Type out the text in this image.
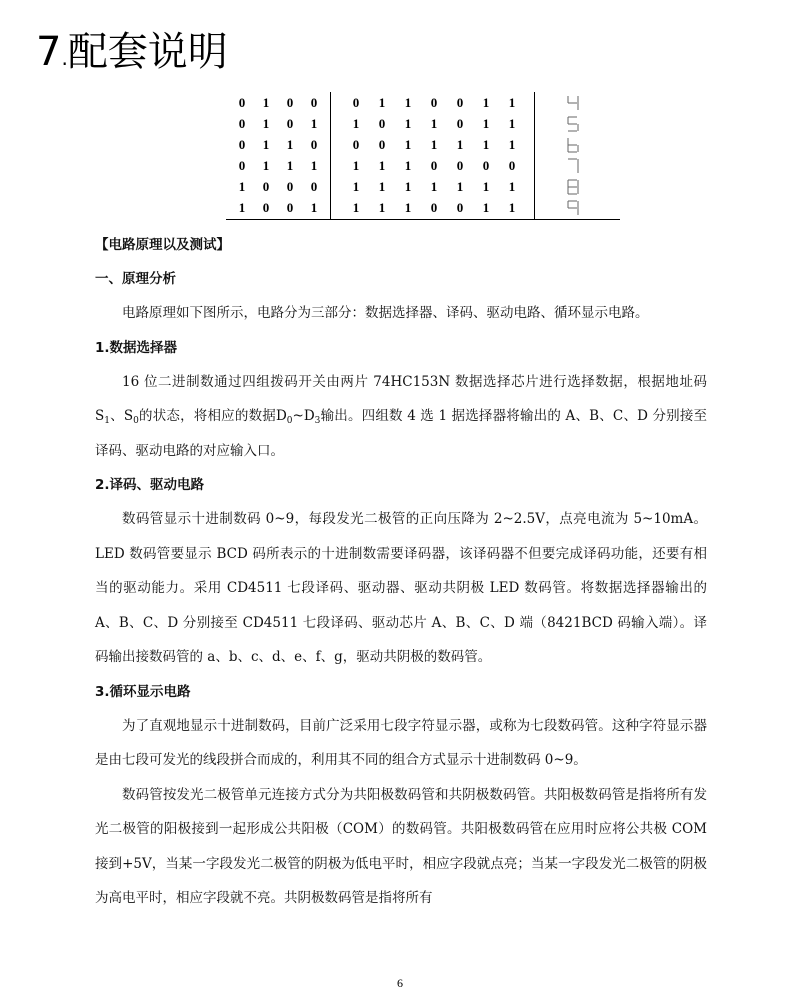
7.配套说明
0	1	0	0	0	1	1	0	0	1	1
0	1	0	1	1	0	1	1	0	1	1
0	1	1	0	0	0	1	1	1	1	1
0	1	1	1	1	1	1	0	0	0	0
1	0	0	0	1	1	1	1	1	1	1
1	0	0	1	1	1	1	0	0	1	1

【电路原理以及测试】

一、原理分析

电路原理如下图所示，电路分为三部分：数据选择器、译码、驱动电路、循环显示电路。

1.数据选择器

16 位二进制数通过四组拨码开关由两片 74HC153N 数据选择芯片进行选择数据，根据地址码$S_1$、$S_0$的状态，将相应的数据$D_0\sim D_3$输出。四组数 4 选 1 据选择器将输出的 A、B、C、D 分别接至译码、驱动电路的对应输入口。

2.译码、驱动电路

数码管显示十进制数码 0~9，每段发光二极管的正向压降为 2~2.5V，点亮电流为 5~10mA。LED 数码管要显示 BCD 码所表示的十进制数需要译码器，该译码器不但要完成译码功能，还要有相当的驱动能力。采用 CD4511 七段译码、驱动器、驱动共阴极 LED 数码管。将数据选择器输出的 A、B、C、D 分别接至 CD4511 七段译码、驱动芯片 A、B、C、D 端（8421BCD 码输入端）。译码输出接数码管的 a、b、c、d、e、f、g，驱动共阴极的数码管。

3.循环显示电路

为了直观地显示十进制数码，目前广泛采用七段字符显示器，或称为七段数码管。这种字符显示器是由七段可发光的线段拼合而成的，利用其不同的组合方式显示十进制数码 0~9。

数码管按发光二极管单元连接方式分为共阳极数码管和共阴极数码管。共阳极数码管是指将所有发光二极管的阳极接到一起形成公共阳极（COM）的数码管。共阳极数码管在应用时应将公共极 COM 接到+5V，当某一字段发光二极管的阴极为低电平时，相应字段就点亮；当某一字段发光二极管的阴极为高电平时，相应字段就不亮。共阴极数码管是指将所有

6
